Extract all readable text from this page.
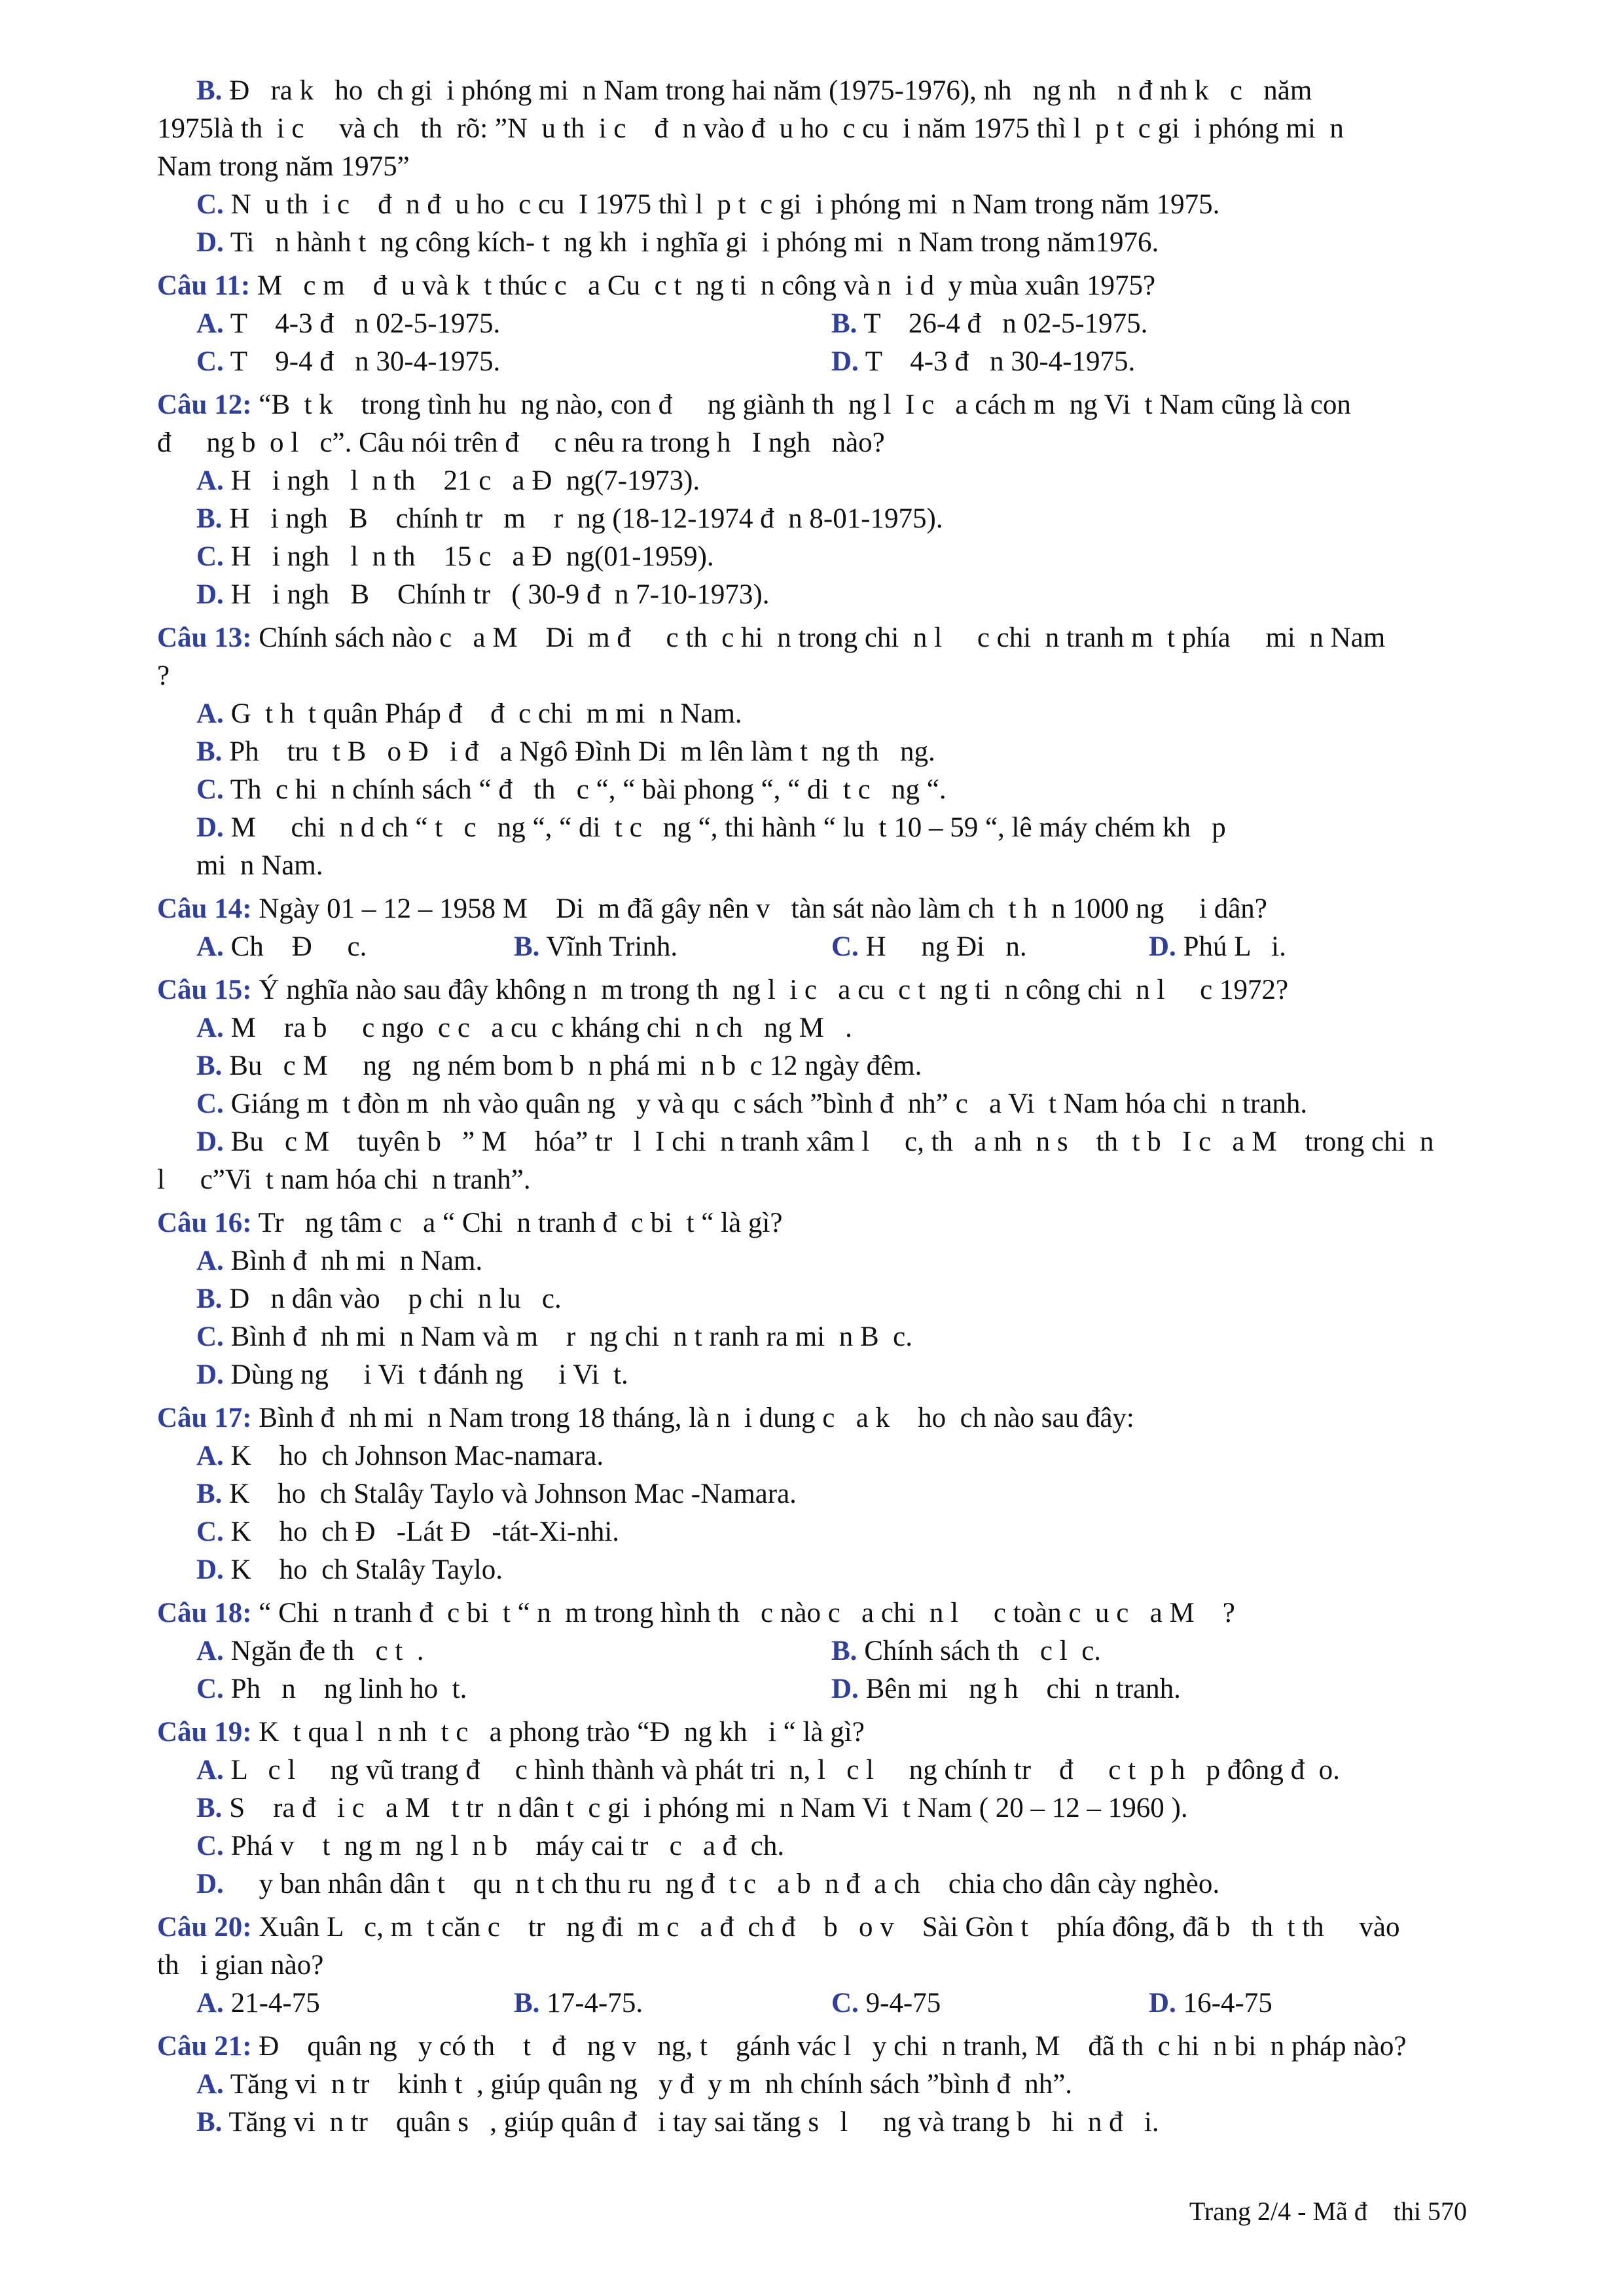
B. Đ   ra k   ho  ch gi  i phóng mi  n Nam trong hai năm (1975-1976), nh   ng nh   n đ nh k   c   năm
1975là th  i c     và ch   th  rõ: ”N  u th  i c    đ  n vào đ  u ho  c cu  i năm 1975 thì l  p t  c gi  i phóng mi  n
Nam trong năm 1975”
C. N  u th  i c    đ  n đ  u ho  c cu  I 1975 thì l  p t  c gi  i phóng mi  n Nam trong năm 1975.
D. Ti   n hành t  ng công kích- t  ng kh  i nghĩa gi  i phóng mi  n Nam trong năm1976.
Câu 11: M   c m    đ  u và k  t thúc c   a Cu  c t  ng ti  n công và n  i d  y mùa xuân 1975?
A. T    4-3 đ   n 02-5-1975.	B. T    26-4 đ   n 02-5-1975.
C. T    9-4 đ   n 30-4-1975.	D. T    4-3 đ   n 30-4-1975.
Câu 12: “B  t k    trong tình hu  ng nào, con đ     ng giành th  ng l  I c   a cách m  ng Vi  t Nam cũng là con
đ     ng b  o l   c”. Câu nói trên đ     c nêu ra trong h   I ngh   nào?
A. H   i ngh   l  n th    21 c   a Đ  ng(7-1973).
B. H   i ngh   B    chính tr   m    r  ng (18-12-1974 đ  n 8-01-1975).
C. H   i ngh   l  n th    15 c   a Đ  ng(01-1959).
D. H   i ngh   B    Chính tr   ( 30-9 đ  n 7-10-1973).
Câu 13: Chính sách nào c   a M    Di  m đ     c th  c hi  n trong chi  n l     c chi  n tranh m  t phía     mi  n Nam
?
A. G  t h  t quân Pháp đ    đ  c chi  m mi  n Nam.
B. Ph    tru  t B   o Đ   i đ   a Ngô Đình Di  m lên làm t  ng th   ng.
C. Th  c hi  n chính sách “ đ   th   c “, “ bài phong “, “ di  t c   ng “.
D. M     chi  n d ch “ t   c   ng “, “ di  t c   ng “, thi hành “ lu  t 10 – 59 “, lê máy chém kh   p
mi  n Nam.
Câu 14: Ngày 01 – 12 – 1958 M    Di  m đã gây nên v   tàn sát nào làm ch  t h  n 1000 ng     i dân?
A. Ch    Đ     c.	B. Vĩnh Trinh.	C. H     ng Đi   n.	D. Phú L   i.
Câu 15: Ý nghĩa nào sau đây không n  m trong th  ng l  i c   a cu  c t  ng ti  n công chi  n l     c 1972?
A. M    ra b     c ngo  c c   a cu  c kháng chi  n ch   ng M   .
B. Bu   c M     ng   ng ném bom b  n phá mi  n b  c 12 ngày đêm.
C. Giáng m  t đòn m  nh vào quân ng   y và qu  c sách ”bình đ  nh” c   a Vi  t Nam hóa chi  n tranh.
D. Bu   c M    tuyên b   ” M    hóa” tr   l  I chi  n tranh xâm l     c, th   a nh  n s    th  t b   I c   a M    trong chi  n
l     c”Vi  t nam hóa chi  n tranh”.
Câu 16: Tr   ng tâm c   a “ Chi  n tranh đ  c bi  t “ là gì?
A. Bình đ  nh mi  n Nam.
B. D   n dân vào    p chi  n lu   c.
C. Bình đ  nh mi  n Nam và m    r  ng chi  n t ranh ra mi  n B  c.
D. Dùng ng     i Vi  t đánh ng     i Vi  t.
Câu 17: Bình đ  nh mi  n Nam trong 18 tháng, là n  i dung c   a k    ho  ch nào sau đây:
A. K    ho  ch Johnson Mac-namara.
B. K    ho  ch Stalây Taylo và Johnson Mac -Namara.
C. K    ho  ch Đ   -Lát Đ   -tát-Xi-nhi.
D. K    ho  ch Stalây Taylo.
Câu 18: “ Chi  n tranh đ  c bi  t “ n  m trong hình th   c nào c   a chi  n l     c toàn c  u c   a M    ?
A. Ngăn đe th   c t  .	B. Chính sách th   c l  c.
C. Ph   n    ng linh ho  t.	D. Bên mi   ng h    chi  n tranh.
Câu 19: K  t qua l  n nh  t c   a phong trào “Đ  ng kh   i “ là gì?
A. L   c l     ng vũ trang đ     c hình thành và phát tri  n, l   c l     ng chính tr    đ     c t  p h   p đông đ  o.
B. S    ra đ   i c   a M   t tr  n dân t  c gi  i phóng mi  n Nam Vi  t Nam ( 20 – 12 – 1960 ).
C. Phá v    t  ng m  ng l  n b    máy cai tr   c   a đ  ch.
D.     y ban nhân dân t    qu  n t ch thu ru  ng đ  t c   a b  n đ  a ch    chia cho dân cày nghèo.
Câu 20: Xuân L   c, m  t căn c    tr   ng đi  m c   a đ  ch đ    b   o v    Sài Gòn t    phía đông, đã b   th  t th     vào
th   i gian nào?
A. 21-4-75	B. 17-4-75.	C. 9-4-75	D. 16-4-75
Câu 21: Đ    quân ng   y có th    t   đ   ng v   ng, t    gánh vác l   y chi  n tranh, M    đã th  c hi  n bi  n pháp nào?
A. Tăng vi  n tr    kinh t  , giúp quân ng   y đ  y m  nh chính sách ”bình đ  nh”.
B. Tăng vi  n tr    quân s   , giúp quân đ   i tay sai tăng s   l     ng và trang b   hi  n đ   i.
Trang 2/4 - Mã đ    thi 570
